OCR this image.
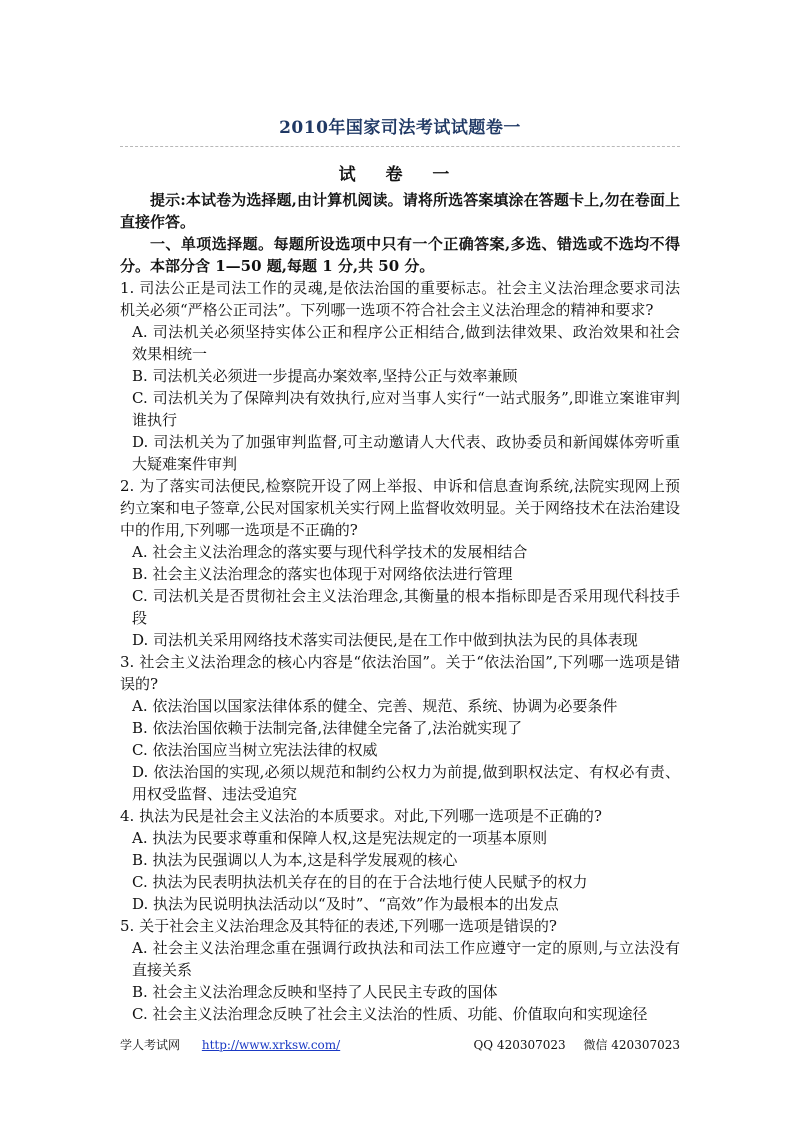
2010年国家司法考试试题卷一
试 卷 一

提示:本试卷为选择题,由计算机阅读。请将所选答案填涂在答题卡上,勿在卷面上直接作答。

一、单项选择题。每题所设选项中只有一个正确答案,多选、错选或不选均不得分。本部分含 1—50 题,每题 1 分,共 50 分。

1. 司法公正是司法工作的灵魂,是依法治国的重要标志。社会主义法治理念要求司法机关必须“严格公正司法”。下列哪一选项不符合社会主义法治理念的精神和要求?

A. 司法机关必须坚持实体公正和程序公正相结合,做到法律效果、政治效果和社会效果相统一

B. 司法机关必须进一步提高办案效率,坚持公正与效率兼顾

C. 司法机关为了保障判决有效执行,应对当事人实行“一站式服务”,即谁立案谁审判谁执行

D. 司法机关为了加强审判监督,可主动邀请人大代表、政协委员和新闻媒体旁听重大疑难案件审判

2. 为了落实司法便民,检察院开设了网上举报、申诉和信息查询系统,法院实现网上预约立案和电子签章,公民对国家机关实行网上监督收效明显。关于网络技术在法治建设中的作用,下列哪一选项是不正确的?

A. 社会主义法治理念的落实要与现代科学技术的发展相结合

B. 社会主义法治理念的落实也体现于对网络依法进行管理

C. 司法机关是否贯彻社会主义法治理念,其衡量的根本指标即是否采用现代科技手段

D. 司法机关采用网络技术落实司法便民,是在工作中做到执法为民的具体表现

3. 社会主义法治理念的核心内容是“依法治国”。关于“依法治国”,下列哪一选项是错误的?

A. 依法治国以国家法律体系的健全、完善、规范、系统、协调为必要条件

B. 依法治国依赖于法制完备,法律健全完备了,法治就实现了

C. 依法治国应当树立宪法法律的权威

D. 依法治国的实现,必须以规范和制约公权力为前提,做到职权法定、有权必有责、用权受监督、违法受追究

4. 执法为民是社会主义法治的本质要求。对此,下列哪一选项是不正确的?

A. 执法为民要求尊重和保障人权,这是宪法规定的一项基本原则

B. 执法为民强调以人为本,这是科学发展观的核心

C. 执法为民表明执法机关存在的目的在于合法地行使人民赋予的权力

D. 执法为民说明执法活动以“及时”、“高效”作为最根本的出发点

5. 关于社会主义法治理念及其特征的表述,下列哪一选项是错误的?

A. 社会主义法治理念重在强调行政执法和司法工作应遵守一定的原则,与立法没有直接关系

B. 社会主义法治理念反映和坚持了人民民主专政的国体

C. 社会主义法治理念反映了社会主义法治的性质、功能、价值取向和实现途径

学人考试网 http://www.xrksw.com/	QQ 420307023 微信 420307023
